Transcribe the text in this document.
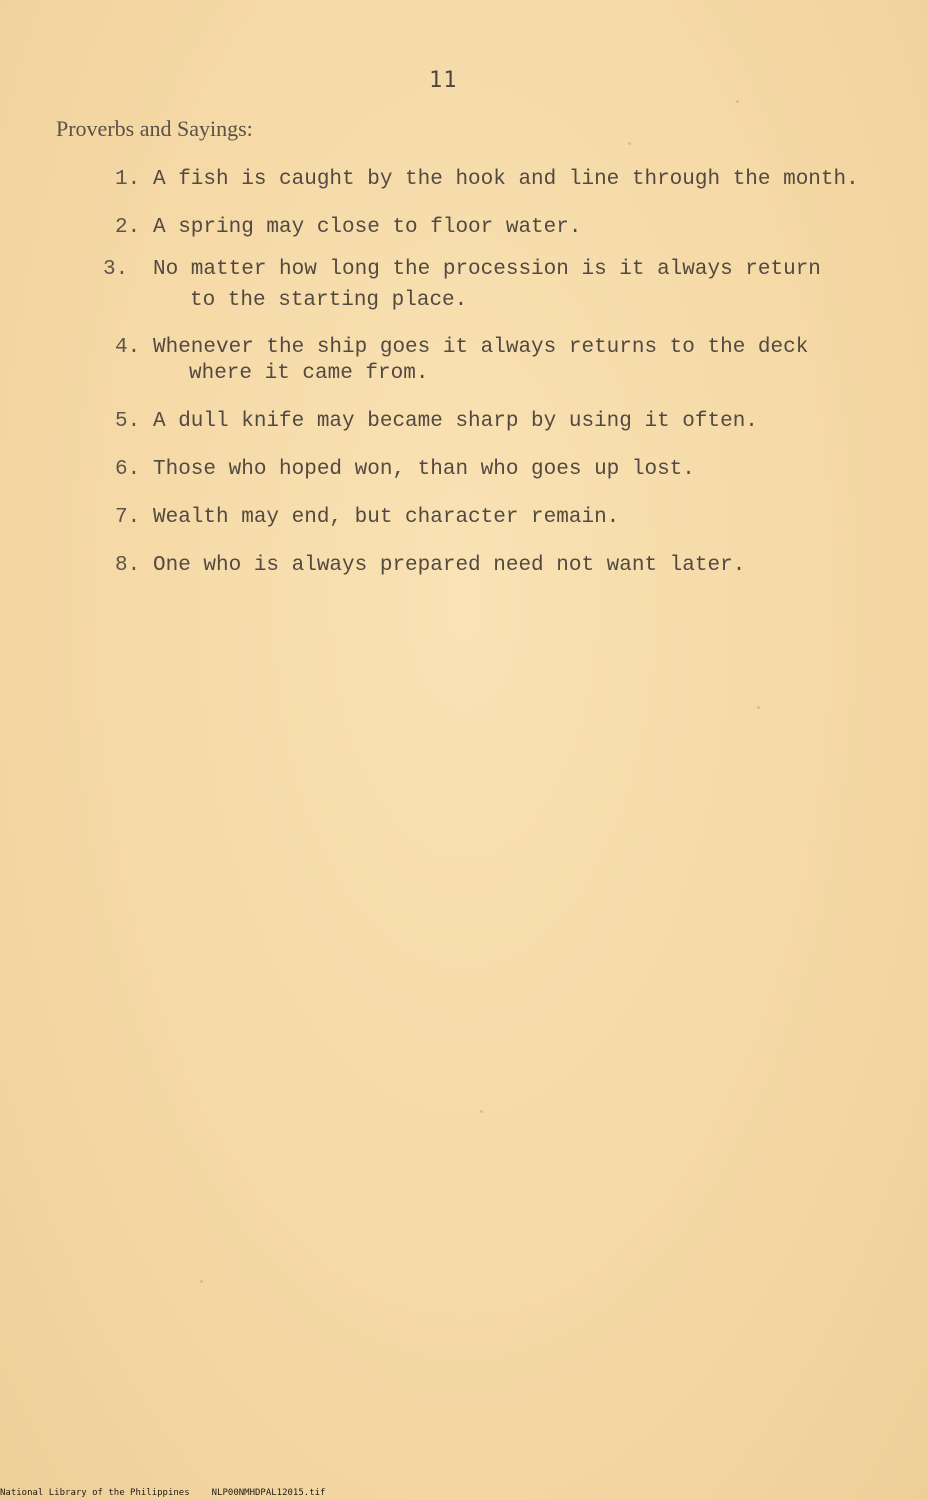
11
Proverbs and Sayings:
1. A fish is caught by the hook and line through the month.
2. A spring may close to floor water.
3. No matter how long the procession is it always return
to the starting place.
4. Whenever the ship goes it always returns to the deck
where it came from.
5. A dull knife may became sharp by using it often.
6. Those who hoped won, than who goes up lost.
7. Wealth may end, but character remain.
8. One who is always prepared need not want later.
National Library of the Philippines NLP00NMHDPAL12015.tif
